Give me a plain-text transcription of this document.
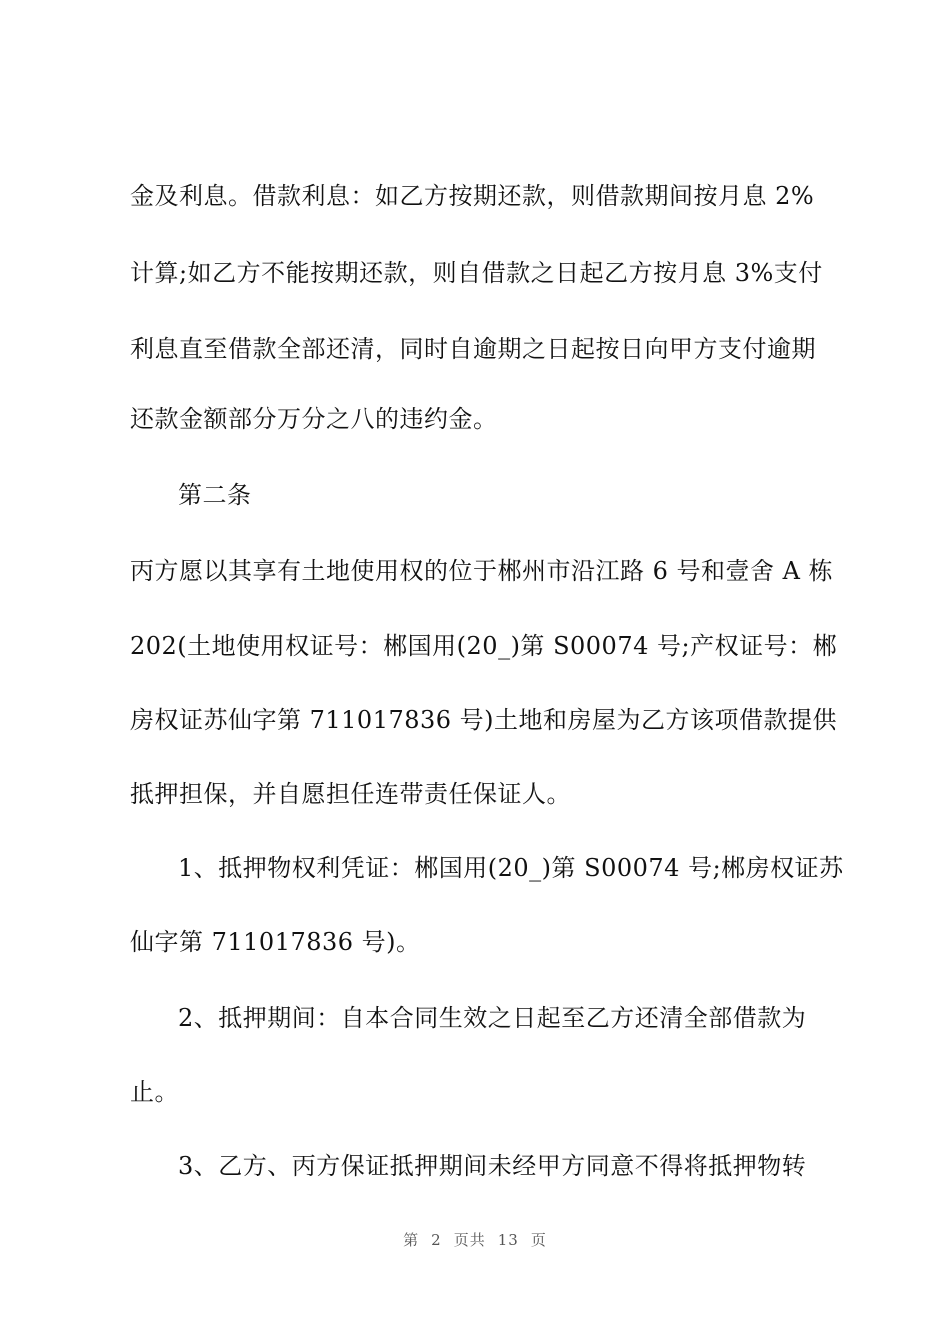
金及利息。借款利息：如乙方按期还款，则借款期间按月息 2%
计算;如乙方不能按期还款，则自借款之日起乙方按月息 3%支付
利息直至借款全部还清，同时自逾期之日起按日向甲方支付逾期
还款金额部分万分之八的违约金。
第二条
丙方愿以其享有土地使用权的位于郴州市沿江路 6 号和壹舍 A 栋
202(土地使用权证号：郴国用(20_)第 S00074 号;产权证号：郴
房权证苏仙字第 711017836 号)土地和房屋为乙方该项借款提供
抵押担保，并自愿担任连带责任保证人。
1、抵押物权利凭证：郴国用(20_)第 S00074 号;郴房权证苏
仙字第 711017836 号)。
2、抵押期间：自本合同生效之日起至乙方还清全部借款为
止。
3、乙方、丙方保证抵押期间未经甲方同意不得将抵押物转
第 2 页共 13 页
